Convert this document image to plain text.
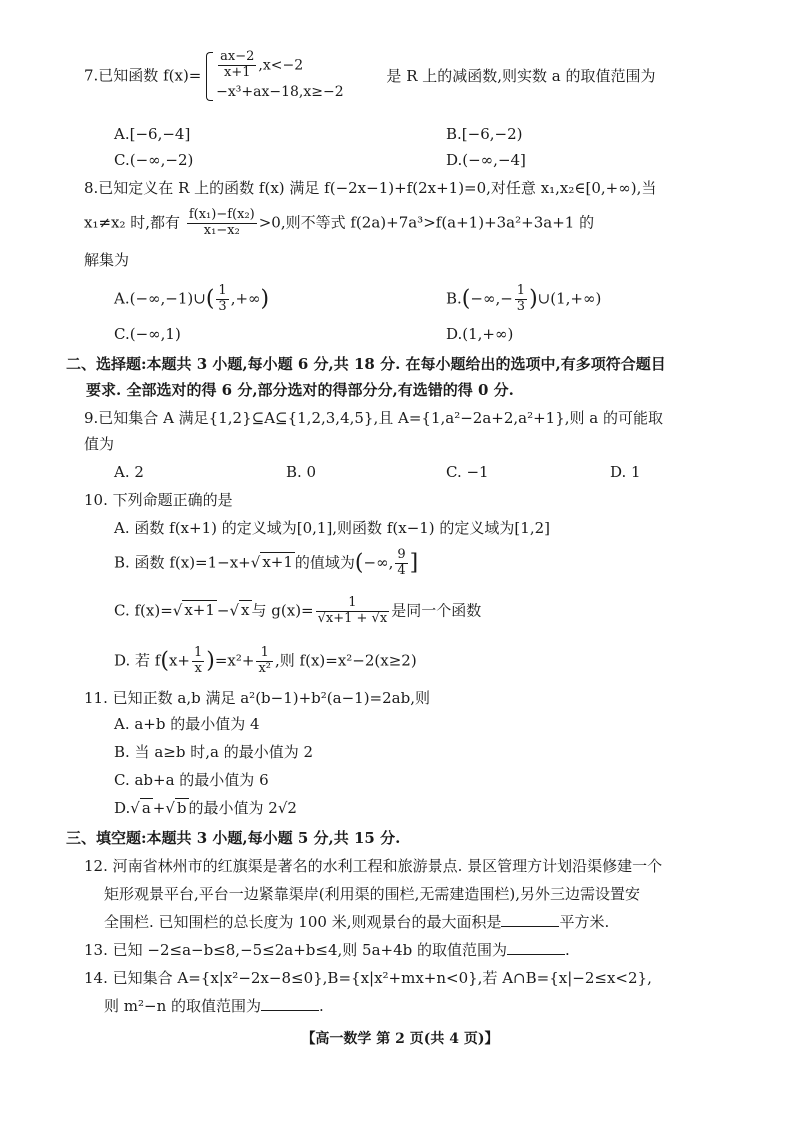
7.已知函数 $f(x)= \frac{ax-2}{x+1} ,x<-2$
−x³+ax−18,x≥−2
是 R 上的减函数,则实数 a 的取值范围为
A.[−6,−4]	B.[−6,−2)
C.(−∞,−2)	D.(−∞,−4]
8.已知定义在 R 上的函数 f(x) 满足 f(−2x−1)+f(2x+1)=0,对任意 x₁,x₂∈[0,+∞),当
x₁≠x₂ 时,都有 $\frac{\text{f(x₁)−f(x₂)}}{\text{x₁−x₂}} >0$,则不等式 f(2a)+7a³>f(a+1)+3a²+3a+1 的
解集为
A.(−∞,−1)∪( $\frac{1}{3}$ ,+∞)	$B.(-\infty,- \frac{1}{3}$ )∪(1,+∞)
C.(−∞,1)	D.(1,+∞)
二、选择题:本题共 3 小题,每小题 6 分,共 18 分. 在每小题给出的选项中,有多项符合题目
要求. 全部选对的得 6 分,部分选对的得部分分,有选错的得 0 分.
9.已知集合 A 满足{1,2}⊆A⊆{1,2,3,4,5},且 A={1,a²−2a+2,a²+1},则 a 的可能取
值为
A. 2	B. 0	C. −1	D. 1
10. 下列命题正确的是
A. 函数 f(x+1) 的定义域为[0,1],则函数 f(x−1) 的定义域为[1,2]
B. 函数 f(x)=1−x+√ x+1 的值域为(−∞, $\frac{9}{4}$ ]
C. f(x)=√ x+1 −√ x 与 $g(x)= \frac{1}{√x+1 + √x}$ 是同一个函数
D. 若 $f(x+ \frac{1}{x} )=x^2+ \frac{1}{\text{x²}}$ ,则 f(x)=x²−2(x≥2)
11. 已知正数 a,b 满足 a²(b−1)+b²(a−1)=2ab,则
A. a+b 的最小值为 4
B. 当 a≥b 时,a 的最小值为 2
C. ab+a 的最小值为 6
D.√ a +√ b 的最小值为 2√2
三、填空题:本题共 3 小题,每小题 5 分,共 15 分.
12. 河南省林州市的红旗渠是著名的水利工程和旅游景点. 景区管理方计划沿渠修建一个
矩形观景平台,平台一边紧靠渠岸(利用渠的围栏,无需建造围栏),另外三边需设置安
全围栏. 已知围栏的总长度为 100 米,则观景台的最大面积是	平方米.
13. 已知 −2≤a−b≤8,−5≤2a+b≤4,则 5a+4b 的取值范围为	.
14. 已知集合 A={x|x²−2x−8≤0},B={x|x²+mx+n<0},若 A∩B={x|−2≤x<2},
则 m²−n 的取值范围为	.
【高一数学 第 2 页(共 4 页)】
